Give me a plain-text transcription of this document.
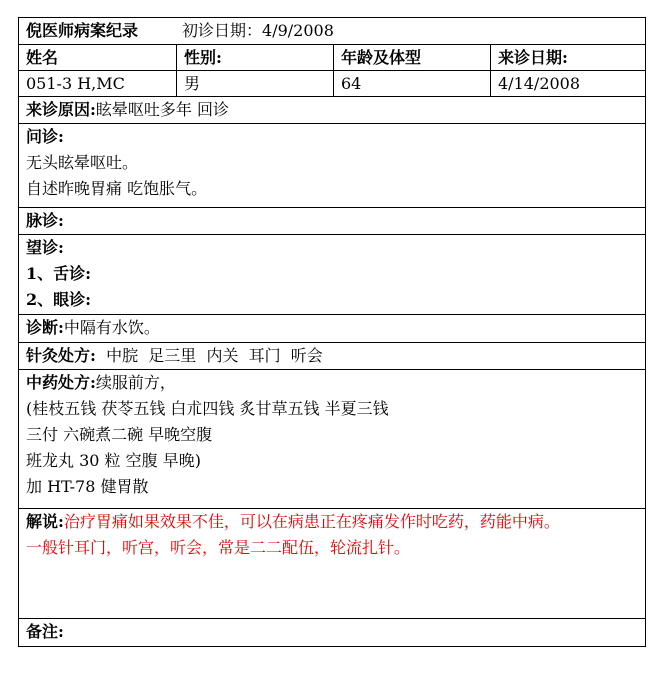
倪医师病案纪录	初诊日期：4/9/2008
姓名	性别:	年龄及体型	来诊日期:
051-3 H,MC	男	64	4/14/2008
来诊原因:眩晕呕吐多年 回诊
问诊:
无头眩晕呕吐。
自述昨晚胃痛 吃饱胀气。
脉诊:
望诊:
1、舌诊:
2、眼诊:
诊断:中隔有水饮。
针灸处方:  中脘  足三里  内关  耳门  听会
中药处方:续服前方，
(桂枝五钱 茯苓五钱 白朮四钱 炙甘草五钱 半夏三钱
三付 六碗煮二碗 早晚空腹
班龙丸 30 粒 空腹 早晚)
加 HT-78 健胃散
解说:治疗胃痛如果效果不佳，可以在病患正在疼痛发作时吃药，药能中病。
一般针耳门，听宫，听会，常是二二配伍，轮流扎针。
备注:
